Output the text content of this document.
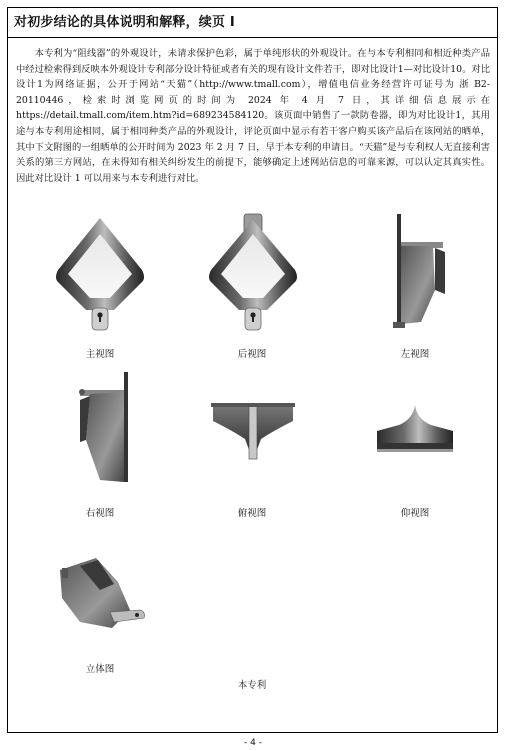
对初步结论的具体说明和解释，续页 I
本专利为“阻线器”的外观设计，未请求保护色彩，属于单纯形状的外观设计。在与本专利相同和相近种类产品中经过检索得到反映本外观设计专利部分设计特征或者有关的现有设计文件若干，即对比设计1—对比设计10。对比设计1为网络证据，公开于网站“天猫”（http://www.tmall.com），增值电信业务经营许可证号为 浙 B2-20110446，检索时浏览网页的时间为 2024 年 4 月 7 日，其详细信息展示在 https://detail.tmall.com/item.htm?id=689234584120。该页面中销售了一款防卷器，即为对比设计1，其用途与本专利用途相同，属于相同种类产品的外观设计，评论页面中显示有若干客户购买该产品后在该网站的晒单，其中下文附图的一组晒单的公开时间为 2023 年 2 月 7 日，早于本专利的申请日。“天猫”是与专利权人无直接利害关系的第三方网站，在未得知有相关纠纷发生的前提下，能够确定上述网站信息的可靠来源，可以认定其真实性。因此对比设计 1 可以用来与本专利进行对比。
主视图	后视图	左视图
右视图	俯视图	仰视图
立体图
本专利
- 4 -
